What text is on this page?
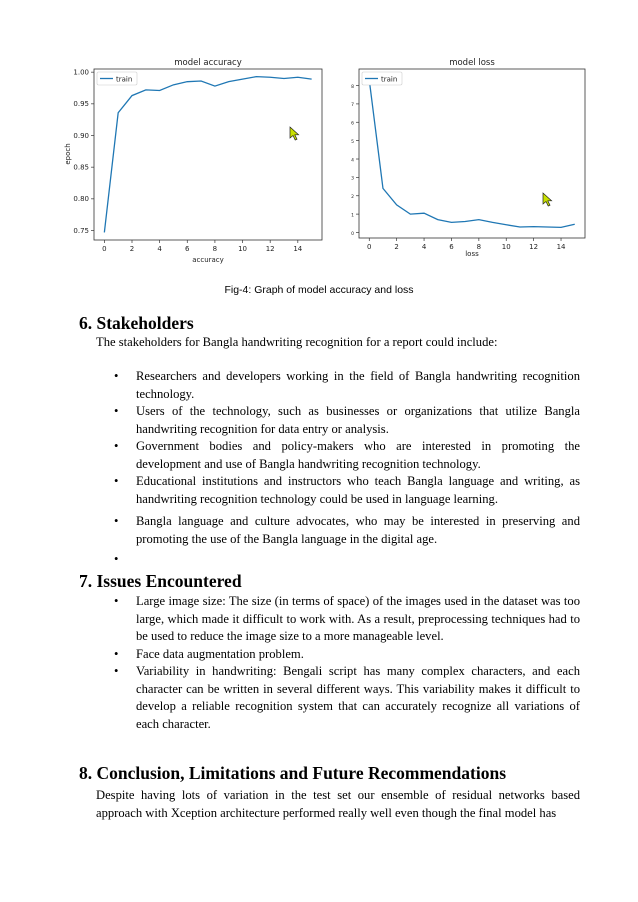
model accuracy
0.75
0.80
0.85
0.90
0.95
1.00
0	2	4	6	8	10	12	14
train
epoch
accuracy
model loss
0
1
2
3
4
5
6
7
8
0	2	4	6	8	10	12	14
train
loss
Fig-4: Graph of model accuracy and loss
6. Stakeholders

The stakeholders for Bangla handwriting recognition for a report could include:

• Researchers and developers working in the field of Bangla handwriting recognition technology.
• Users of the technology, such as businesses or organizations that utilize Bangla handwriting recognition for data entry or analysis.
• Government bodies and policy-makers who are interested in promoting the development and use of Bangla handwriting recognition technology.
• Educational institutions and instructors who teach Bangla language and writing, as handwriting recognition technology could be used in language learning.
• Bangla language and culture advocates, who may be interested in preserving and promoting the use of the Bangla language in the digital age.
•
7. Issues Encountered
• Large image size: The size (in terms of space) of the images used in the dataset was too large, which made it difficult to work with. As a result, preprocessing techniques had to be used to reduce the image size to a more manageable level.
• Face data augmentation problem.
• Variability in handwriting: Bengali script has many complex characters, and each character can be written in several different ways. This variability makes it difficult to develop a reliable recognition system that can accurately recognize all variations of each character.
8. Conclusion, Limitations and Future Recommendations

Despite having lots of variation in the test set our ensemble of residual networks based approach with Xception architecture performed really well even though the final model has
